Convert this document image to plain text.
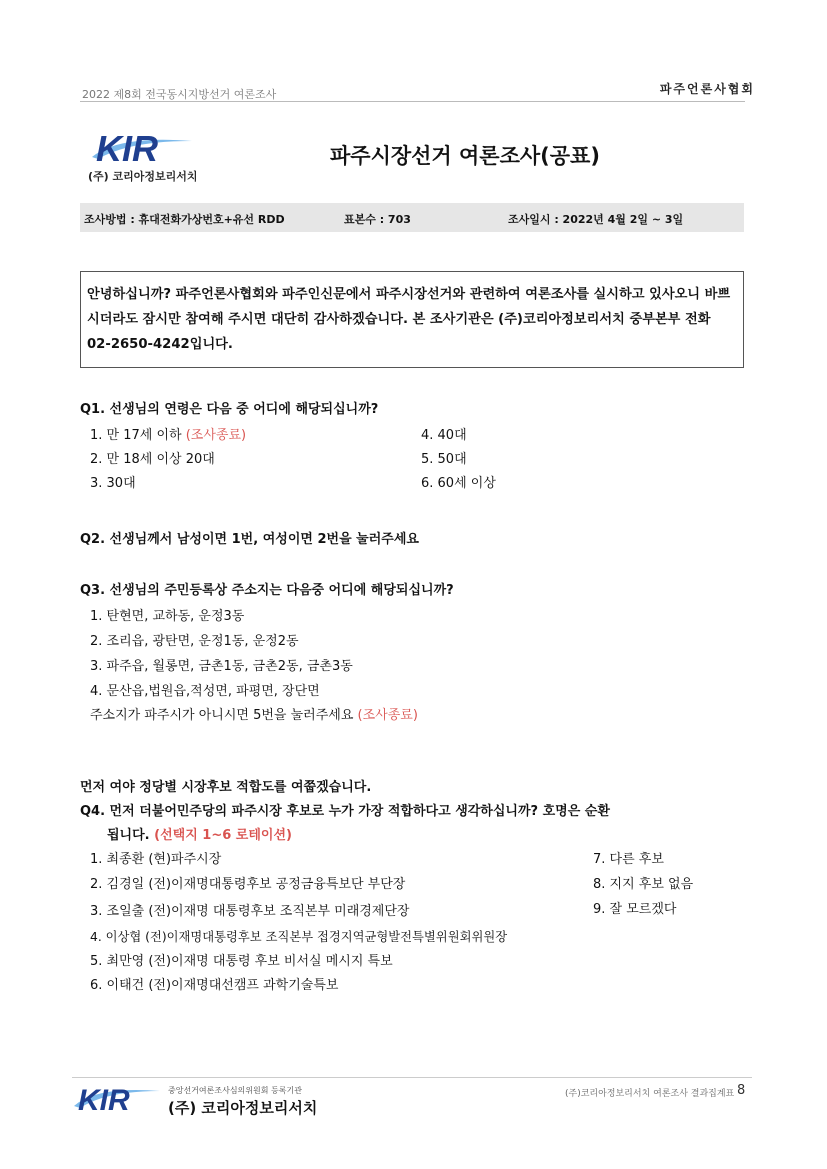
2022 제8회 전국동시지방선거 여론조사	파주언론사협회
KIR
(주) 코리아정보리서치
파주시장선거 여론조사(공표)
조사방법 : 휴대전화가상번호+유선 RDD	표본수 : 703	조사일시 : 2022년 4월 2일 ~ 3일
안녕하십니까? 파주언론사협회와 파주인신문에서 파주시장선거와 관련하여 여론조사를 실시하고 있사오니 바쁘시더라도 잠시만 참여해 주시면 대단히 감사하겠습니다. 본 조사기관은 (주)코리아정보리서치 중부본부 전화 02-2650-4242입니다.
Q1. 선생님의 연령은 다음 중 어디에 해당되십니까?
1. 만 17세 이하 (조사종료)
2. 만 18세 이상 20대
3. 30대
4. 40대
5. 50대
6. 60세 이상
Q2. 선생님께서 남성이면 1번, 여성이면 2번을 눌러주세요
Q3. 선생님의 주민등록상 주소지는 다음중 어디에 해당되십니까?
1. 탄현면, 교하동, 운정3동
2. 조리읍, 광탄면, 운정1동, 운정2동
3. 파주읍, 월롱면, 금촌1동, 금촌2동, 금촌3동
4. 문산읍,법원읍,적성면, 파평면, 장단면
주소지가 파주시가 아니시면 5번을 눌러주세요 (조사종료)
먼저 여야 정당별 시장후보 적합도를 여쭙겠습니다.
Q4. 먼저 더불어민주당의 파주시장 후보로 누가 가장 적합하다고 생각하십니까? 호명은 순환
됩니다. (선택지 1~6 로테이션)
1. 최종환 (현)파주시장
2. 김경일 (전)이재명대통령후보 공정금융특보단 부단장
3. 조일출 (전)이재명 대통령후보 조직본부 미래경제단장
4. 이상협 (전)이재명대통령후보 조직본부 접경지역균형발전특별위원회위원장
5. 최만영 (전)이재명 대통령 후보 비서실 메시지 특보
6. 이태건 (전)이재명대선캠프 과학기술특보
7. 다른 후보
8. 지지 후보 없음
9. 잘 모르겠다
KIR	중앙선거여론조사심의위원회 등록기관
(주) 코리아정보리서치
(주)코리아정보리서치 여론조사 결과집계표 8
